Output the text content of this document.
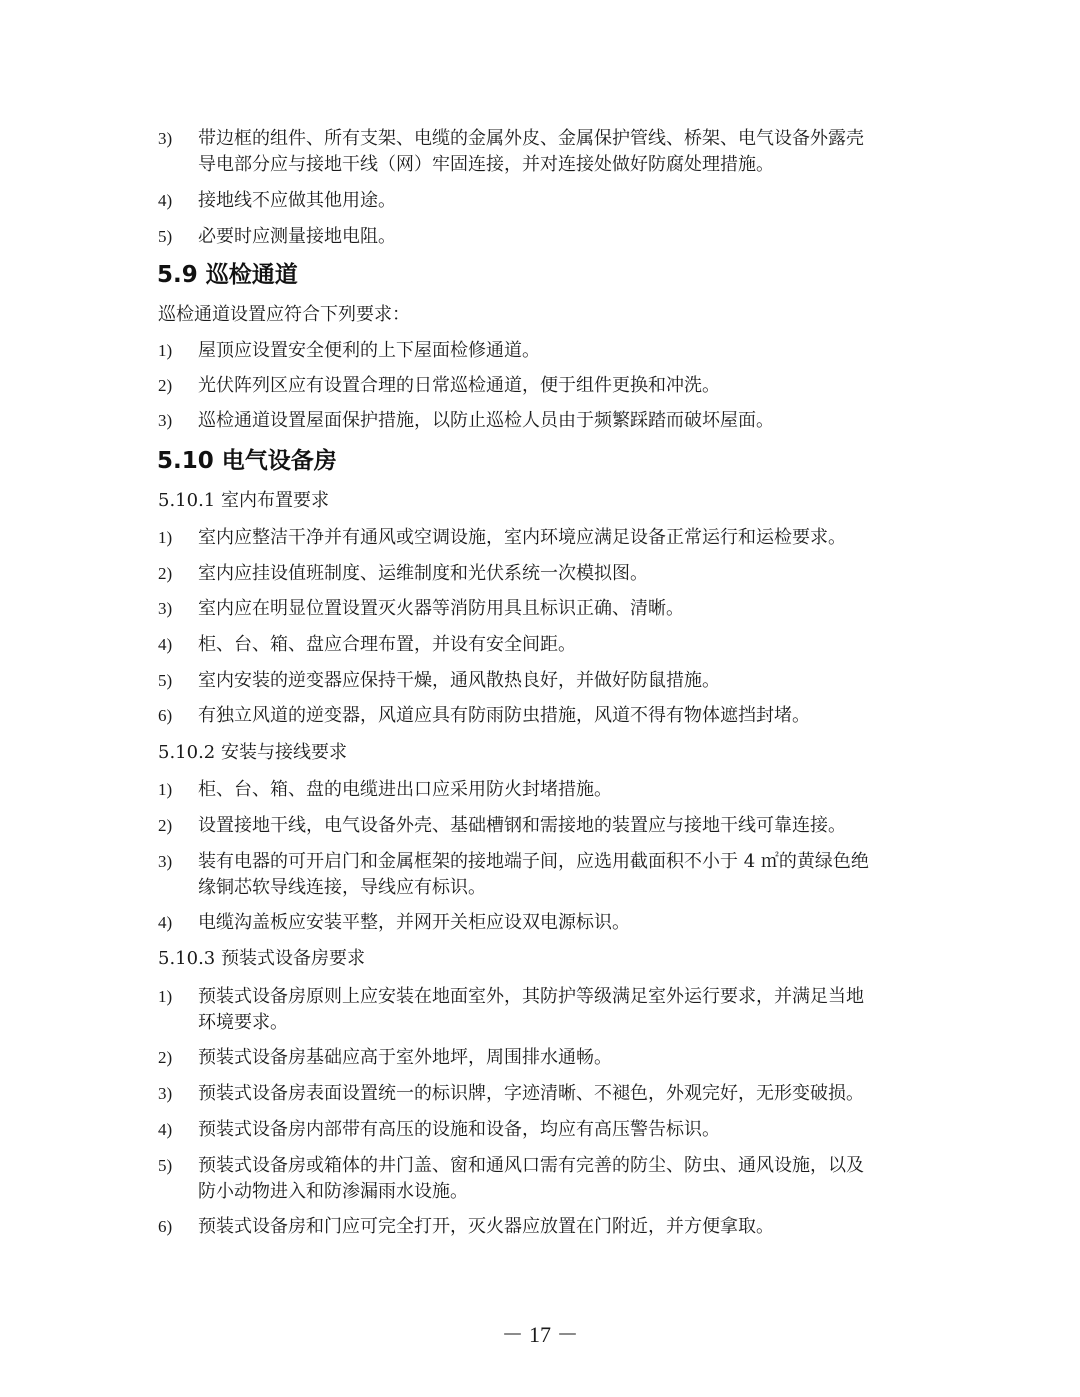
3)	带边框的组件、所有支架、电缆的金属外皮、金属保护管线、桥架、电气设备外露壳
导电部分应与接地干线（网）牢固连接，并对连接处做好防腐处理措施。
4)	接地线不应做其他用途。
5)	必要时应测量接地电阻。
5.9 巡检通道
巡检通道设置应符合下列要求：
1)	屋顶应设置安全便利的上下屋面检修通道。
2)	光伏阵列区应有设置合理的日常巡检通道，便于组件更换和冲洗。
3)	巡检通道设置屋面保护措施，以防止巡检人员由于频繁踩踏而破坏屋面。
5.10 电气设备房
5.10.1 室内布置要求
1)	室内应整洁干净并有通风或空调设施，室内环境应满足设备正常运行和运检要求。
2)	室内应挂设值班制度、运维制度和光伏系统一次模拟图。
3)	室内应在明显位置设置灭火器等消防用具且标识正确、清晰。
4)	柜、台、箱、盘应合理布置，并设有安全间距。
5)	室内安装的逆变器应保持干燥，通风散热良好，并做好防鼠措施。
6)	有独立风道的逆变器，风道应具有防雨防虫措施，风道不得有物体遮挡封堵。
5.10.2 安装与接线要求
1)	柜、台、箱、盘的电缆进出口应采用防火封堵措施。
2)	设置接地干线，电气设备外壳、基础槽钢和需接地的装置应与接地干线可靠连接。
3)	装有电器的可开启门和金属框架的接地端子间，应选用截面积不小于 4 ㎡的黄绿色绝
缘铜芯软导线连接，导线应有标识。
4)	电缆沟盖板应安装平整，并网开关柜应设双电源标识。
5.10.3 预装式设备房要求
1)	预装式设备房原则上应安装在地面室外，其防护等级满足室外运行要求，并满足当地
环境要求。
2)	预装式设备房基础应高于室外地坪，周围排水通畅。
3)	预装式设备房表面设置统一的标识牌，字迹清晰、不褪色，外观完好，无形变破损。
4)	预装式设备房内部带有高压的设施和设备，均应有高压警告标识。
5)	预装式设备房或箱体的井门盖、窗和通风口需有完善的防尘、防虫、通风设施，以及
防小动物进入和防渗漏雨水设施。
6)	预装式设备房和门应可完全打开，灭火器应放置在门附近，并方便拿取。
－ 17 －
